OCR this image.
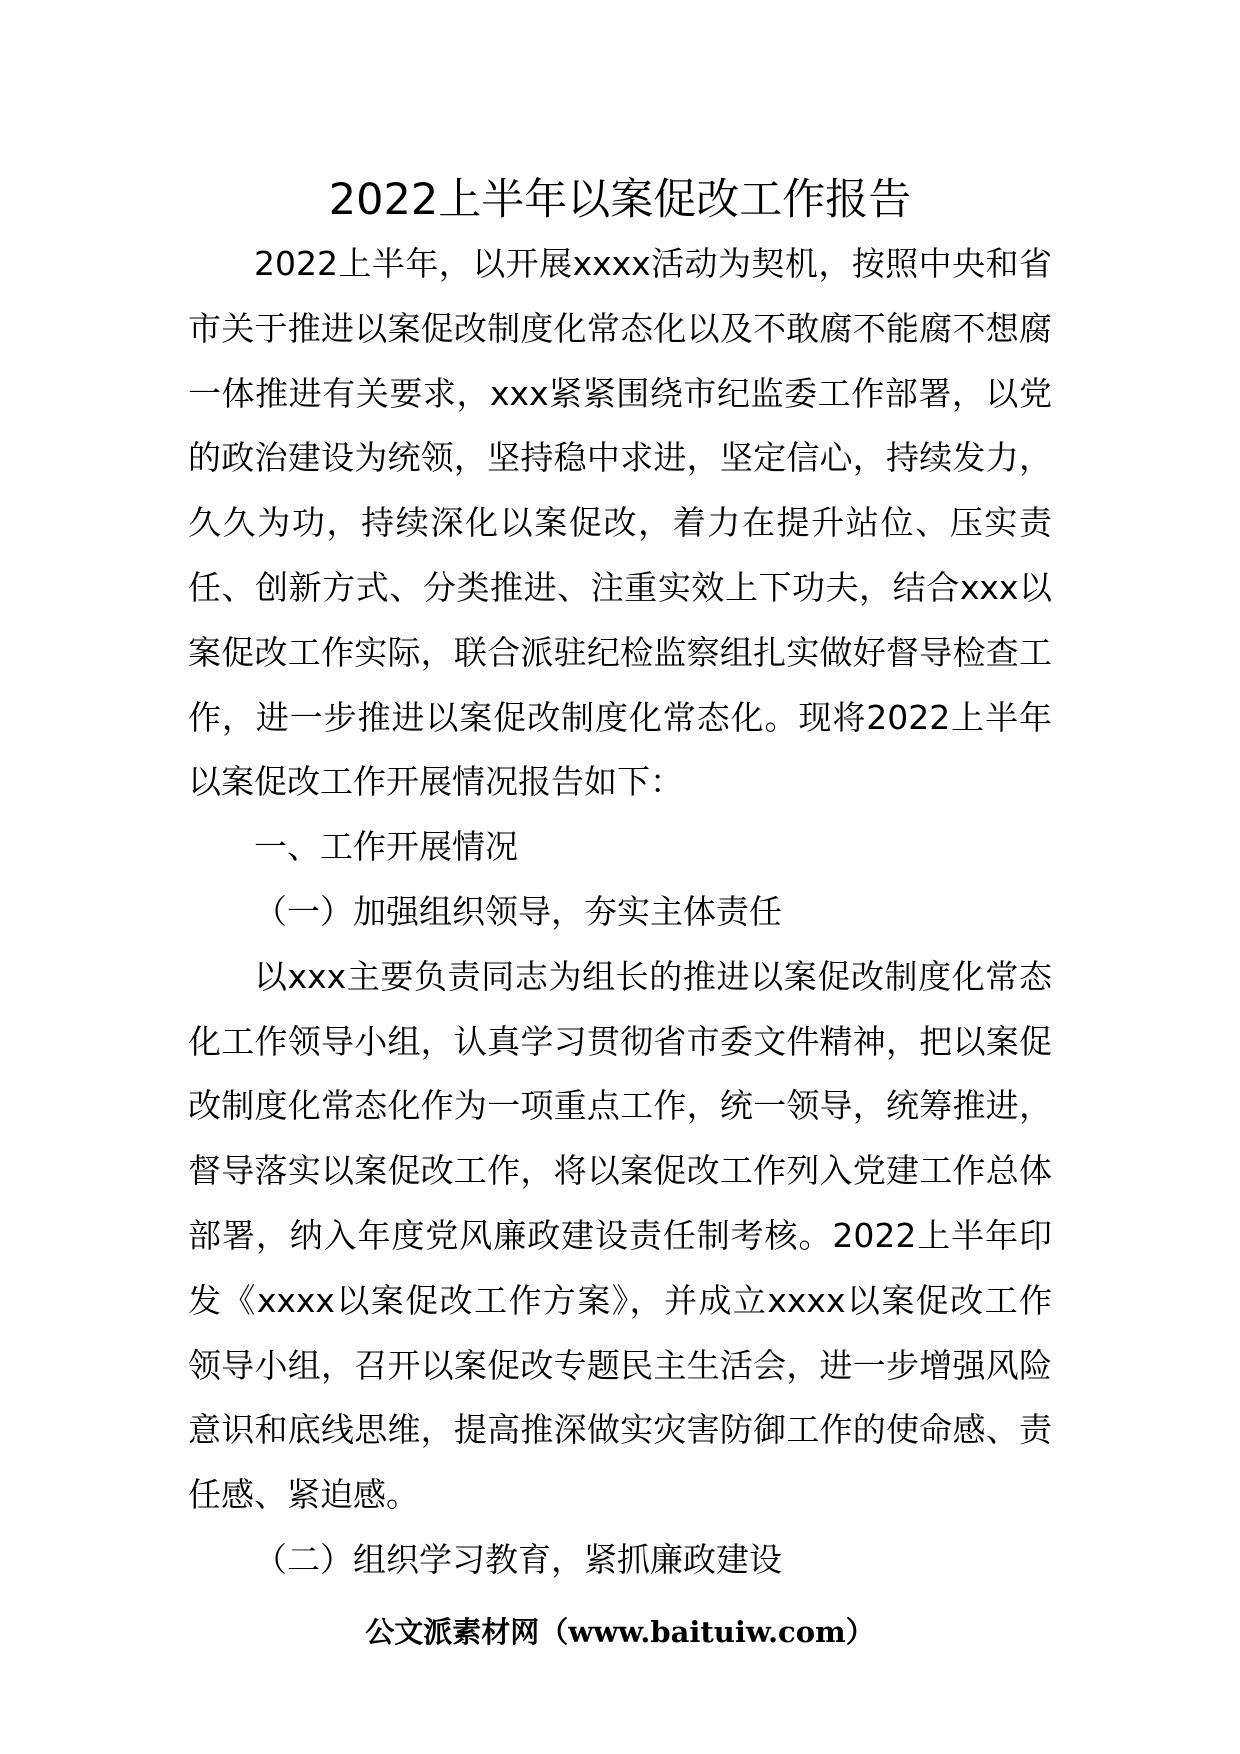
2022上半年以案促改工作报告

2022上半年，以开展xxxx活动为契机，按照中央和省市关于推进以案促改制度化常态化以及不敢腐不能腐不想腐一体推进有关要求，xxx紧紧围绕市纪监委工作部署，以党的政治建设为统领，坚持稳中求进，坚定信心，持续发力，久久为功，持续深化以案促改，着力在提升站位、压实责任、创新方式、分类推进、注重实效上下功夫，结合xxx以案促改工作实际，联合派驻纪检监察组扎实做好督导检查工作，进一步推进以案促改制度化常态化。现将2022上半年以案促改工作开展情况报告如下：

一、工作开展情况

（一）加强组织领导，夯实主体责任

以xxx主要负责同志为组长的推进以案促改制度化常态化工作领导小组，认真学习贯彻省市委文件精神，把以案促改制度化常态化作为一项重点工作，统一领导，统筹推进，督导落实以案促改工作，将以案促改工作列入党建工作总体部署，纳入年度党风廉政建设责任制考核。2022上半年印发《xxxx以案促改工作方案》，并成立xxxx以案促改工作领导小组，召开以案促改专题民主生活会，进一步增强风险意识和底线思维，提高推深做实灾害防御工作的使命感、责任感、紧迫感。

（二）组织学习教育，紧抓廉政建设

公文派素材网（www.baituiw.com）
